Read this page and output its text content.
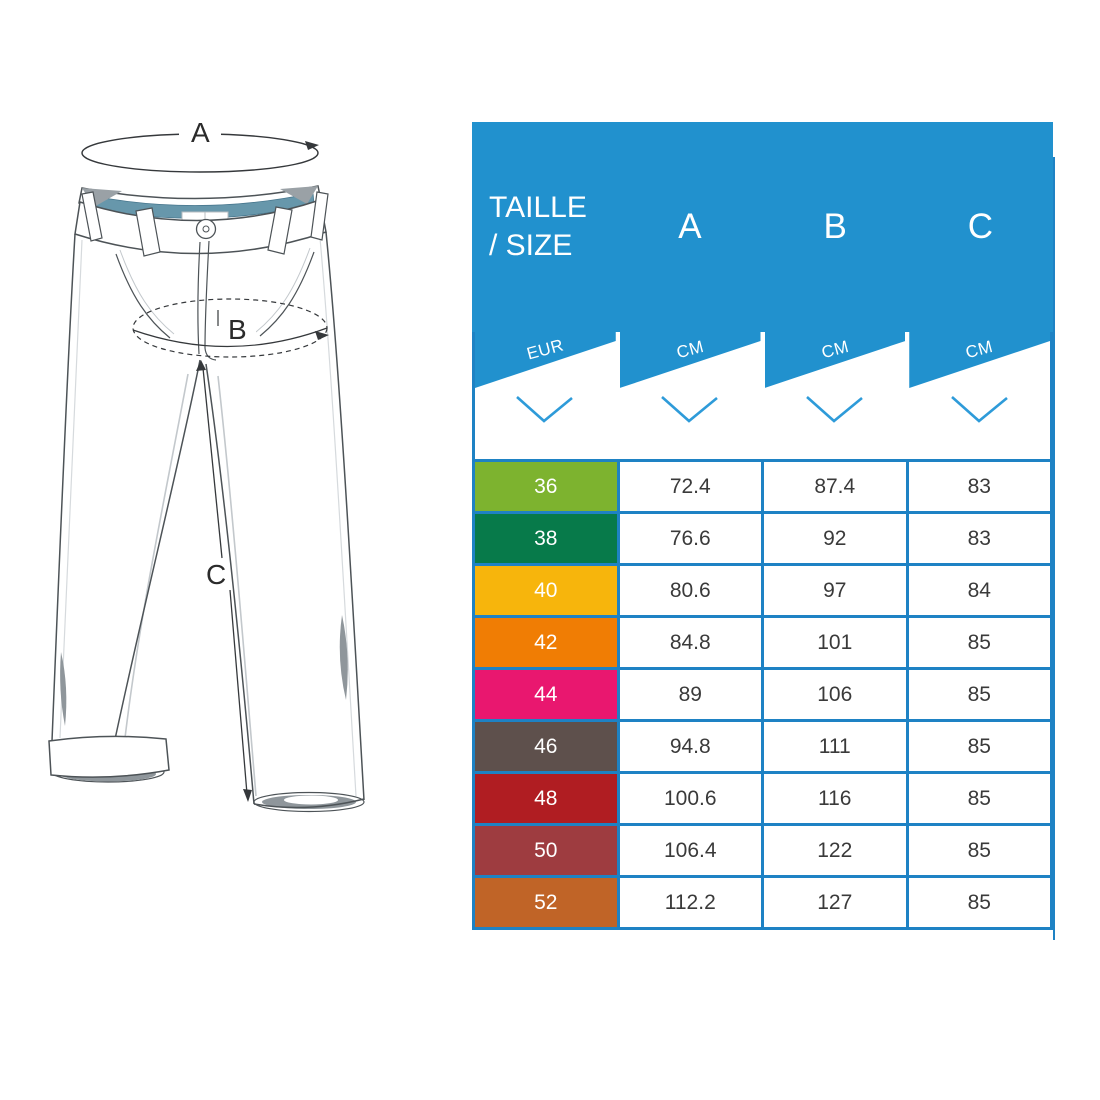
A
B
C
TAILLE
/ SIZE	A	B	C
EUR	CM	CM	CM
36	72.4	87.4	83
38	76.6	92	83
40	80.6	97	84
42	84.8	101	85
44	89	106	85
46	94.8	111	85
48	100.6	116	85
50	106.4	122	85
52	112.2	127	85
